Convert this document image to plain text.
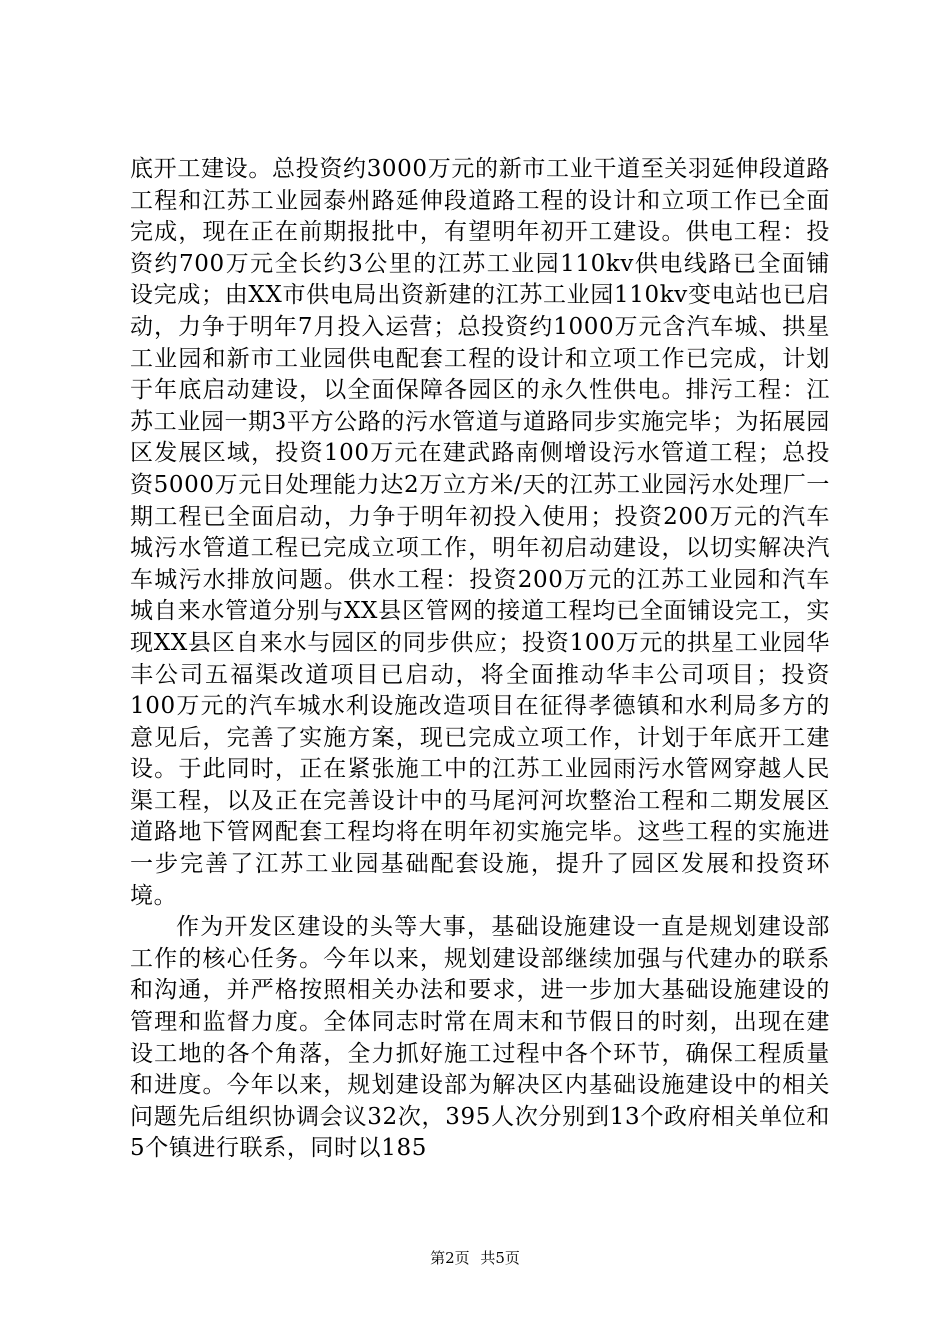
底开工建设。总投资约3000万元的新市工业干道至关羽延伸段道路工程和江苏工业园泰州路延伸段道路工程的设计和立项工作已全面完成，现在正在前期报批中，有望明年初开工建设。供电工程：投资约700万元全长约3公里的江苏工业园110kv供电线路已全面铺设完成；由XX市供电局出资新建的江苏工业园110kv变电站也已启动，力争于明年7月投入运营；总投资约1000万元含汽车城、拱星工业园和新市工业园供电配套工程的设计和立项工作已完成，计划于年底启动建设，以全面保障各园区的永久性供电。排污工程：江苏工业园一期3平方公路的污水管道与道路同步实施完毕；为拓展园区发展区域，投资100万元在建武路南侧增设污水管道工程；总投资5000万元日处理能力达2万立方米/天的江苏工业园污水处理厂一期工程已全面启动，力争于明年初投入使用；投资200万元的汽车城污水管道工程已完成立项工作，明年初启动建设，以切实解决汽车城污水排放问题。供水工程：投资200万元的江苏工业园和汽车城自来水管道分别与XX县区管网的接道工程均已全面铺设完工，实现XX县区自来水与园区的同步供应；投资100万元的拱星工业园华丰公司五福渠改道项目已启动，将全面推动华丰公司项目；投资100万元的汽车城水利设施改造项目在征得孝德镇和水利局多方的意见后，完善了实施方案，现已完成立项工作，计划于年底开工建设。于此同时，正在紧张施工中的江苏工业园雨污水管网穿越人民渠工程，以及正在完善设计中的马尾河河坎整治工程和二期发展区道路地下管网配套工程均将在明年初实施完毕。这些工程的实施进一步完善了江苏工业园基础配套设施，提升了园区发展和投资环境。

作为开发区建设的头等大事，基础设施建设一直是规划建设部工作的核心任务。今年以来，规划建设部继续加强与代建办的联系和沟通，并严格按照相关办法和要求，进一步加大基础设施建设的管理和监督力度。全体同志时常在周末和节假日的时刻，出现在建设工地的各个角落，全力抓好施工过程中各个环节，确保工程质量和进度。今年以来，规划建设部为解决区内基础设施建设中的相关问题先后组织协调会议32次，395人次分别到13个政府相关单位和5个镇进行联系，同时以185

第2页 共5页
